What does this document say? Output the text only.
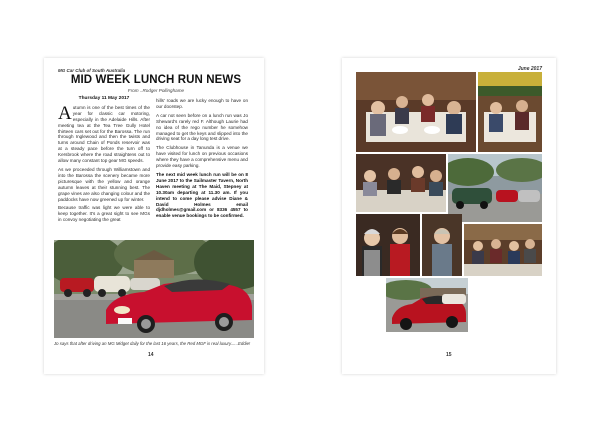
MG Car Club of South Australia
MID WEEK LUNCH RUN NEWS
From ..Rodger Pollinghame

Thursday 11 May 2017

Autumn is one of the best times of the year for classic car motoring, especially in the Adelaide Hills. After meeting tea at the Tea Tree Gully Hotel thirteen cars set out for the Barossa. The run through Inglewood and then the twists and turns around Chain of Ponds reservoir was at a steady pace before the turn off to Kersbrook where the road straightens out to allow many constant top gear MG speeds.

As we proceeded through Williamstown and into the Barossa the scenery became more picturesque with the yellow and orange autumn leaves at their stunning best. The grape vines are also changing colour and the paddocks have now greened up for winter.

Because traffic was light we were able to keep together. It's a great sight to see MGs in convoy negotiating the great

hills' roads we are lucky enough to have on our doorstep.

A car not seen before on a lunch run was Jo Sheward's rarely red F. Although Laurie had no idea of the rego number he somehow managed to get the keys and slipped into the driving seat for a day long test drive.

The Clubhouse in Tanunda is a venue we have visited for lunch on previous occasions where they have a comprehensive menu and provide easy parking.

The next mid week lunch run will be on 8 June 2017 to the Sailmaster Tavern, North Haven meeting at The Maid, Stepney at 10.30am departing at 11.30 am. If you intend to come please advise Diane & David Holmes email djdholmes@gmail.com or 8336 4557 to enable venue bookings to be confirmed.

Jo says that after driving an MG Midget daily for the last 16 years, the Red MGF is real luxury......Eddie!
14
June 2017
15
